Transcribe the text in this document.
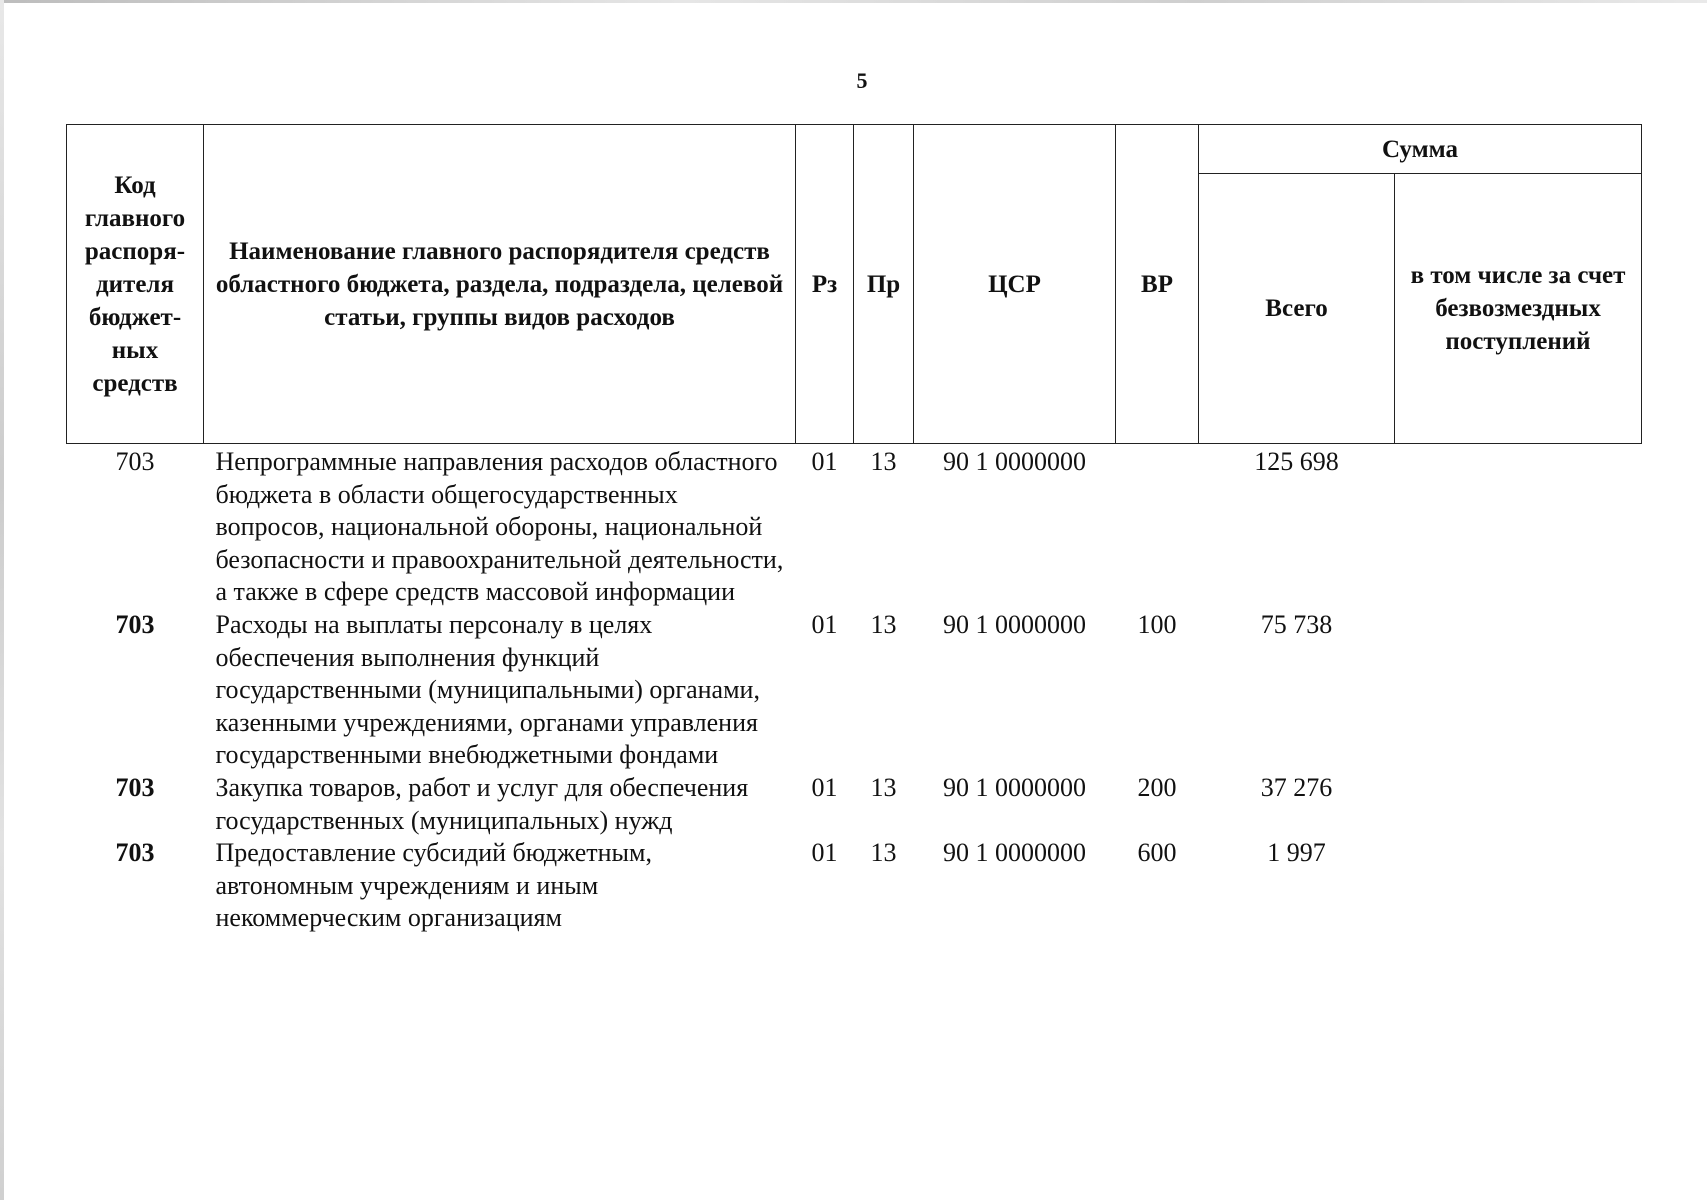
5
Код главного распоря-дителя бюджет-ных средств	Наименование главного распорядителя средств областного бюджета, раздела, подраздела, целевой статьи, группы видов расходов	Рз	Пр	ЦСР	ВР	Сумма	
						Всего	в том числе за счет безвозмездных поступлений
703	Непрограммные направления расходов областного бюджета в области общегосударственных вопросов, национальной обороны, национальной безопасности и правоохранительной деятельности, а также в сфере средств массовой информации	01	13	90 1 0000000		125 698	
703	Расходы на выплаты персоналу в целях обеспечения выполнения функций государственными (муниципальными) органами, казенными учреждениями, органами управления государственными внебюджетными фондами	01	13	90 1 0000000	100	75 738	
703	Закупка товаров, работ и услуг для обеспечения государственных (муниципальных) нужд	01	13	90 1 0000000	200	37 276	
703	Предоставление субсидий бюджетным, автономным учреждениям и иным некоммерческим организациям	01	13	90 1 0000000	600	1 997	
